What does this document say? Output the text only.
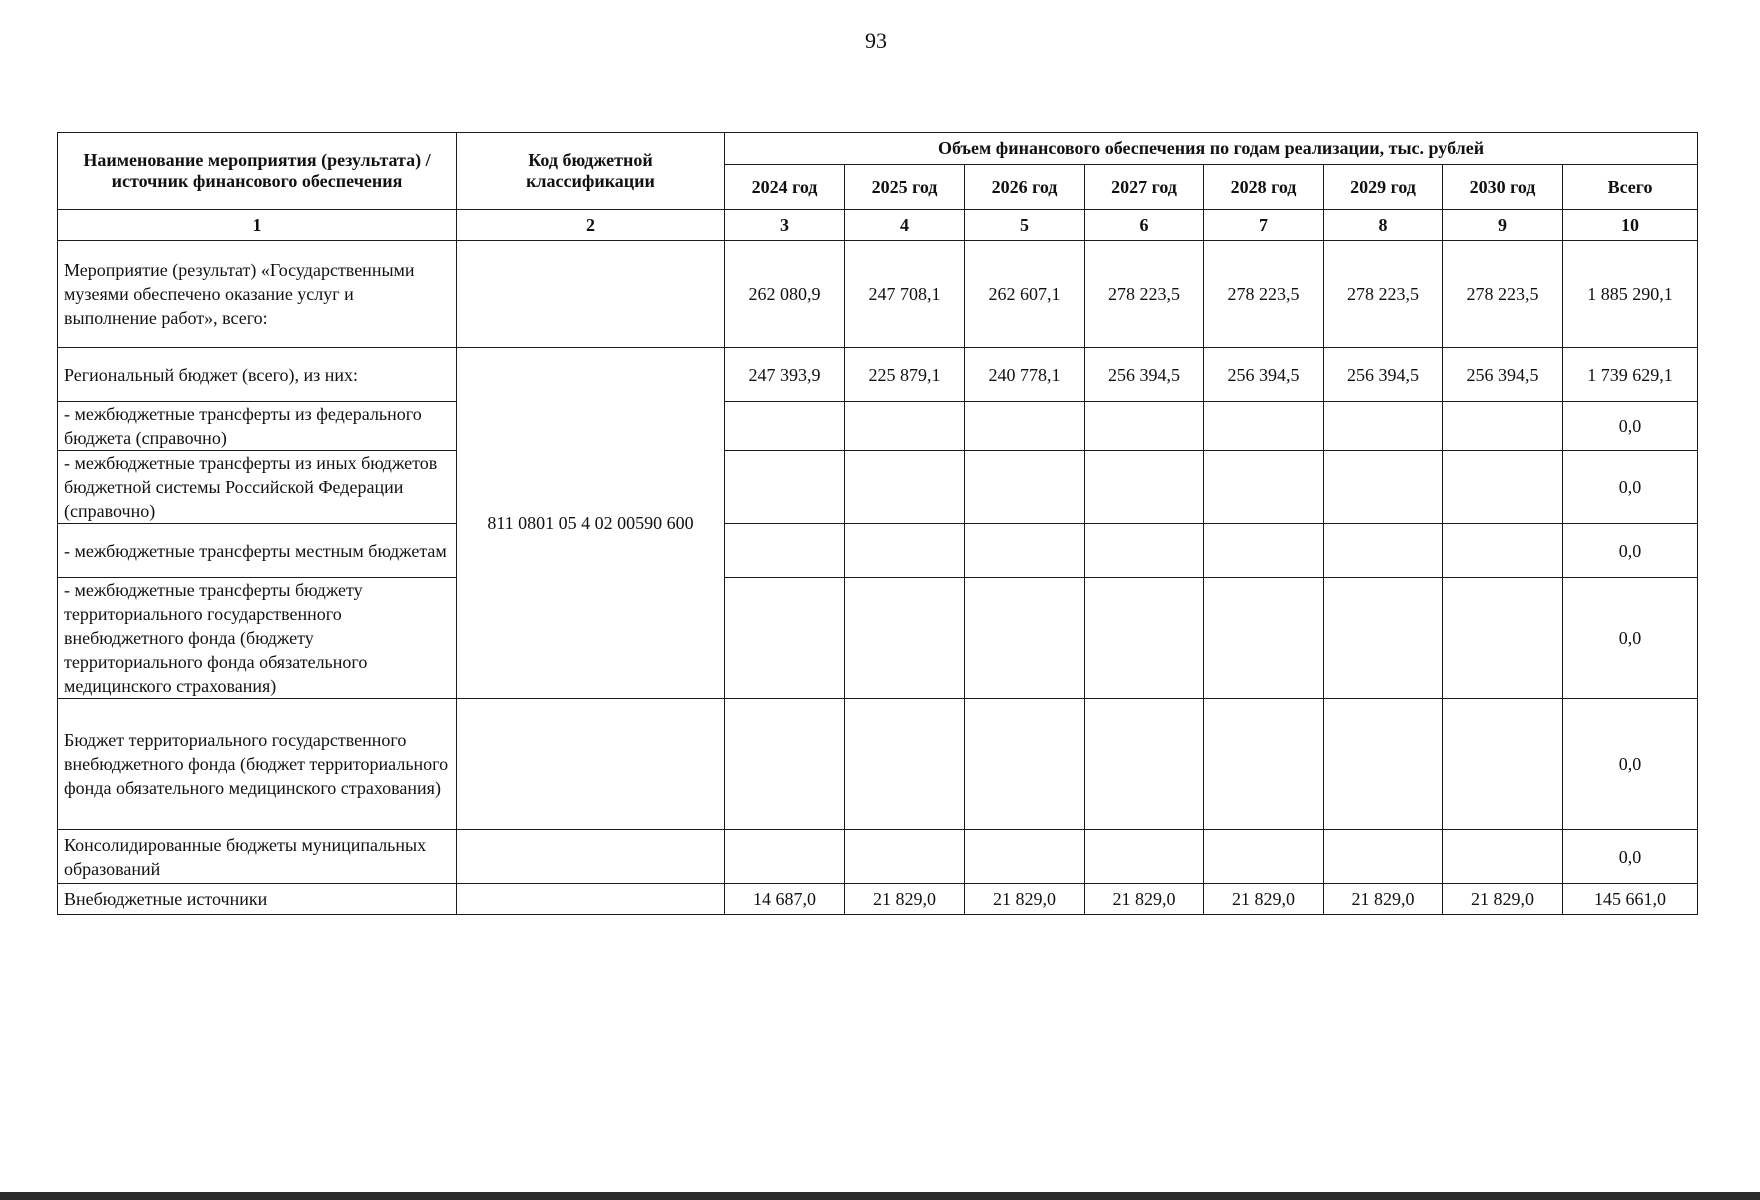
93
Наименование мероприятия (результата) / источник финансового обеспечения	Код бюджетной классификации	Объем финансового обеспечения по годам реализации, тыс. рублей							
		2024 год	2025 год	2026 год	2027 год	2028 год	2029 год	2030 год	Всего
1	2	3	4	5	6	7	8	9	10
Мероприятие (результат) «Государственными музеями обеспечено оказание услуг и выполнение работ», всего:		262 080,9	247 708,1	262 607,1	278 223,5	278 223,5	278 223,5	278 223,5	1 885 290,1
Региональный бюджет (всего), из них:	811 0801 05 4 02 00590 600	247 393,9	225 879,1	240 778,1	256 394,5	256 394,5	256 394,5	256 394,5	1 739 629,1
- межбюджетные трансферты из федерального бюджета (справочно)									0,0
- межбюджетные трансферты из иных бюджетов бюджетной системы Российской Федерации (справочно)									0,0
- межбюджетные трансферты местным бюджетам									0,0
- межбюджетные трансферты бюджету территориального государственного внебюджетного фонда (бюджету территориального фонда обязательного медицинского страхования)									0,0
Бюджет территориального государственного внебюджетного фонда (бюджет территориального фонда обязательного медицинского страхования)									0,0
Консолидированные бюджеты муниципальных образований									0,0
Внебюджетные источники		14 687,0	21 829,0	21 829,0	21 829,0	21 829,0	21 829,0	21 829,0	145 661,0
